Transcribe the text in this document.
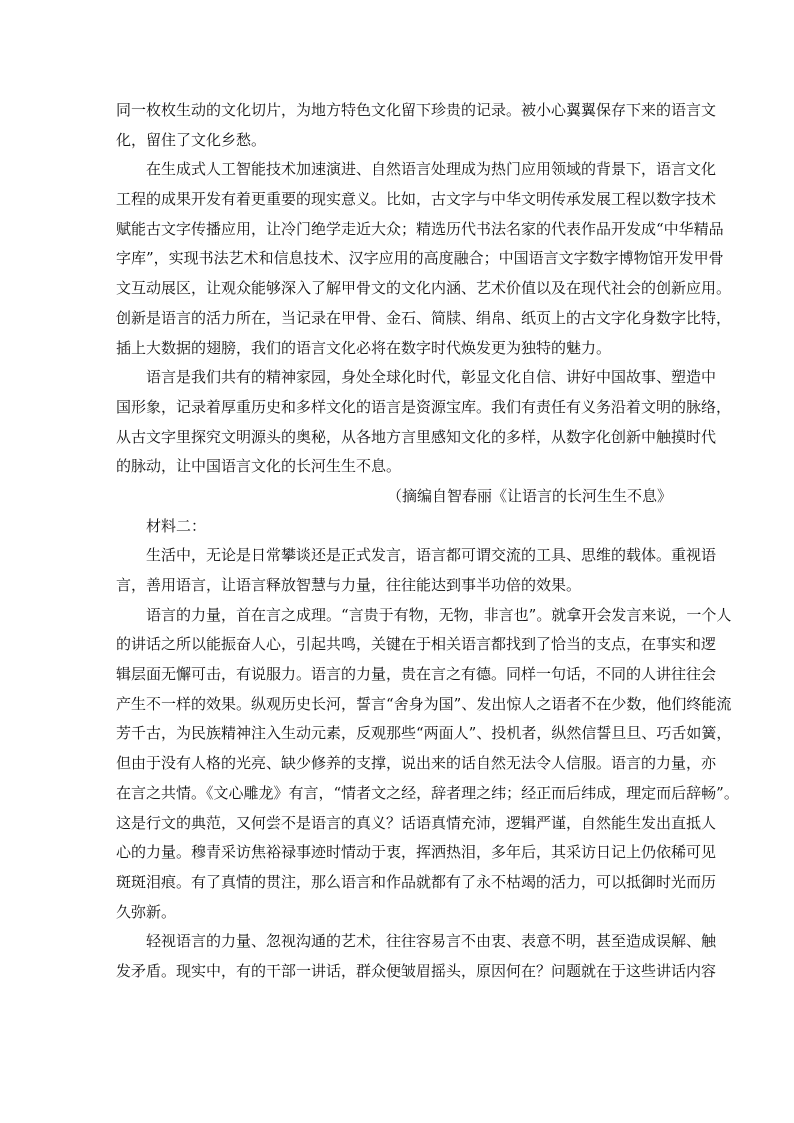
同一枚枚生动的文化切片，为地方特色文化留下珍贵的记录。被小心翼翼保存下来的语言文
化，留住了文化乡愁。
在生成式人工智能技术加速演进、自然语言处理成为热门应用领域的背景下，语言文化
工程的成果开发有着更重要的现实意义。比如，古文字与中华文明传承发展工程以数字技术
赋能古文字传播应用，让冷门绝学走近大众；精选历代书法名家的代表作品开发成“中华精品
字库”，实现书法艺术和信息技术、汉字应用的高度融合；中国语言文字数字博物馆开发甲骨
文互动展区，让观众能够深入了解甲骨文的文化内涵、艺术价值以及在现代社会的创新应用。
创新是语言的活力所在，当记录在甲骨、金石、简牍、绢帛、纸页上的古文字化身数字比特，
插上大数据的翅膀，我们的语言文化必将在数字时代焕发更为独特的魅力。
语言是我们共有的精神家园，身处全球化时代，彰显文化自信、讲好中国故事、塑造中
国形象，记录着厚重历史和多样文化的语言是资源宝库。我们有责任有义务沿着文明的脉络，
从古文字里探究文明源头的奥秘，从各地方言里感知文化的多样，从数字化创新中触摸时代
的脉动，让中国语言文化的长河生生不息。
（摘编自智春丽《让语言的长河生生不息》
材料二：
生活中，无论是日常攀谈还是正式发言，语言都可谓交流的工具、思维的载体。重视语
言，善用语言，让语言释放智慧与力量，往往能达到事半功倍的效果。
语言的力量，首在言之成理。“言贵于有物，无物，非言也”。就拿开会发言来说，一个人
的讲话之所以能振奋人心，引起共鸣，关键在于相关语言都找到了恰当的支点，在事实和逻
辑层面无懈可击，有说服力。语言的力量，贵在言之有德。同样一句话，不同的人讲往往会
产生不一样的效果。纵观历史长河，誓言“舍身为国”、发出惊人之语者不在少数，他们终能流
芳千古，为民族精神注入生动元素，反观那些“两面人”、投机者，纵然信誓旦旦、巧舌如簧，
但由于没有人格的光亮、缺少修养的支撑，说出来的话自然无法令人信服。语言的力量，亦
在言之共情。《文心雕龙》有言，“情者文之经，辞者理之纬；经正而后纬成，理定而后辞畅”。
这是行文的典范，又何尝不是语言的真义？话语真情充沛，逻辑严谨，自然能生发出直抵人
心的力量。穆青采访焦裕禄事迹时情动于衷，挥洒热泪，多年后，其采访日记上仍依稀可见
斑斑泪痕。有了真情的贯注，那么语言和作品就都有了永不枯竭的活力，可以抵御时光而历
久弥新。
轻视语言的力量、忽视沟通的艺术，往往容易言不由衷、表意不明，甚至造成误解、触
发矛盾。现实中，有的干部一讲话，群众便皱眉摇头，原因何在？问题就在于这些讲话内容
